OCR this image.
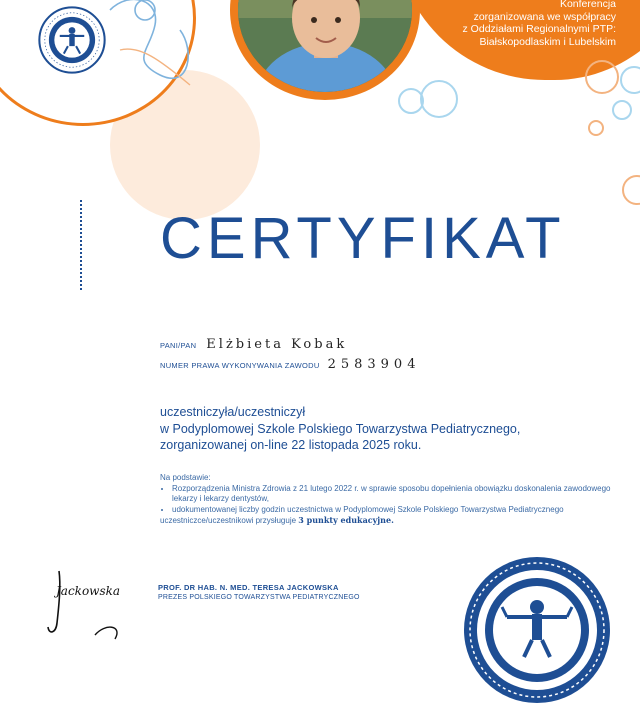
Konferencja
zorganizowana we współpracy
z Oddziałami Regionalnymi PTP:
Białskopodlaskim i Lubelskim
CERTYFIKAT
PANI/PAN Elżbieta Kobak
NUMER PRAWA WYKONYWANIA ZAWODU 2583904
uczestniczyła/uczestniczył
w Podyplomowej Szkole Polskiego Towarzystwa Pediatrycznego,
zorganizowanej on-line 22 listopada 2025 roku.
Na podstawie:
• Rozporządzenia Ministra Zdrowia z 21 lutego 2022 r. w sprawie sposobu dopełnienia obowiązku doskonalenia zawodowego lekarzy i lekarzy dentystów,
• udokumentowanej liczby godzin uczestnictwa w Podyplomowej Szkole Polskiego Towarzystwa Pediatrycznego
uczestniczce/uczestnikowi przysługuje 3 punkty edukacyjne.
Jackowska	PROF. DR HAB. N. MED. TERESA JACKOWSKA
PREZES POLSKIEGO TOWARZYSTWA PEDIATRYCZNEGO
